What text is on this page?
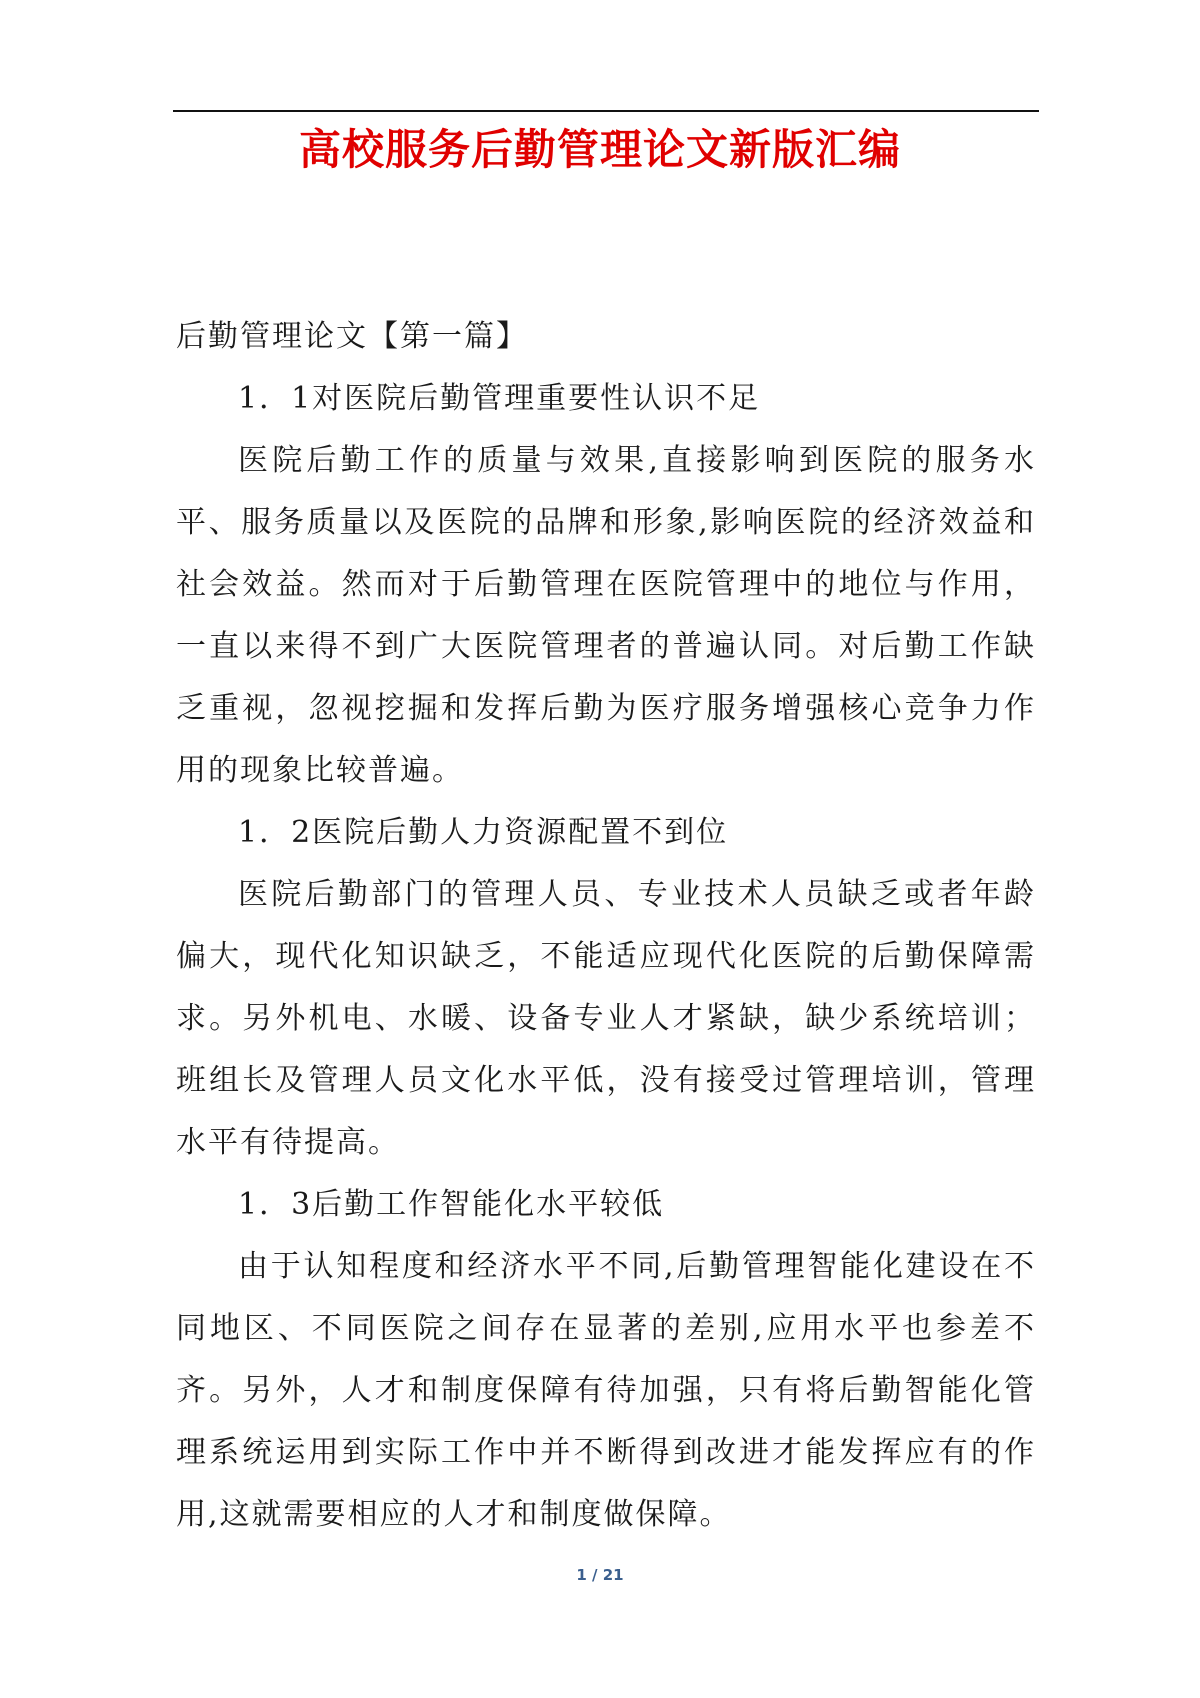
高校服务后勤管理论文新版汇编

后勤管理论文【第一篇】

1．1对医院后勤管理重要性认识不足

医院后勤工作的质量与效果,直接影响到医院的服务水平、服务质量以及医院的品牌和形象,影响医院的经济效益和社会效益。然而对于后勤管理在医院管理中的地位与作用，一直以来得不到广大医院管理者的普遍认同。对后勤工作缺乏重视，忽视挖掘和发挥后勤为医疗服务增强核心竞争力作用的现象比较普遍。

1．2医院后勤人力资源配置不到位

医院后勤部门的管理人员、专业技术人员缺乏或者年龄偏大，现代化知识缺乏，不能适应现代化医院的后勤保障需求。另外机电、水暖、设备专业人才紧缺，缺少系统培训；班组长及管理人员文化水平低，没有接受过管理培训，管理水平有待提高。

1．3后勤工作智能化水平较低

由于认知程度和经济水平不同,后勤管理智能化建设在不同地区、不同医院之间存在显著的差别,应用水平也参差不齐。另外，人才和制度保障有待加强，只有将后勤智能化管理系统运用到实际工作中并不断得到改进才能发挥应有的作用,这就需要相应的人才和制度做保障。

1 / 21
